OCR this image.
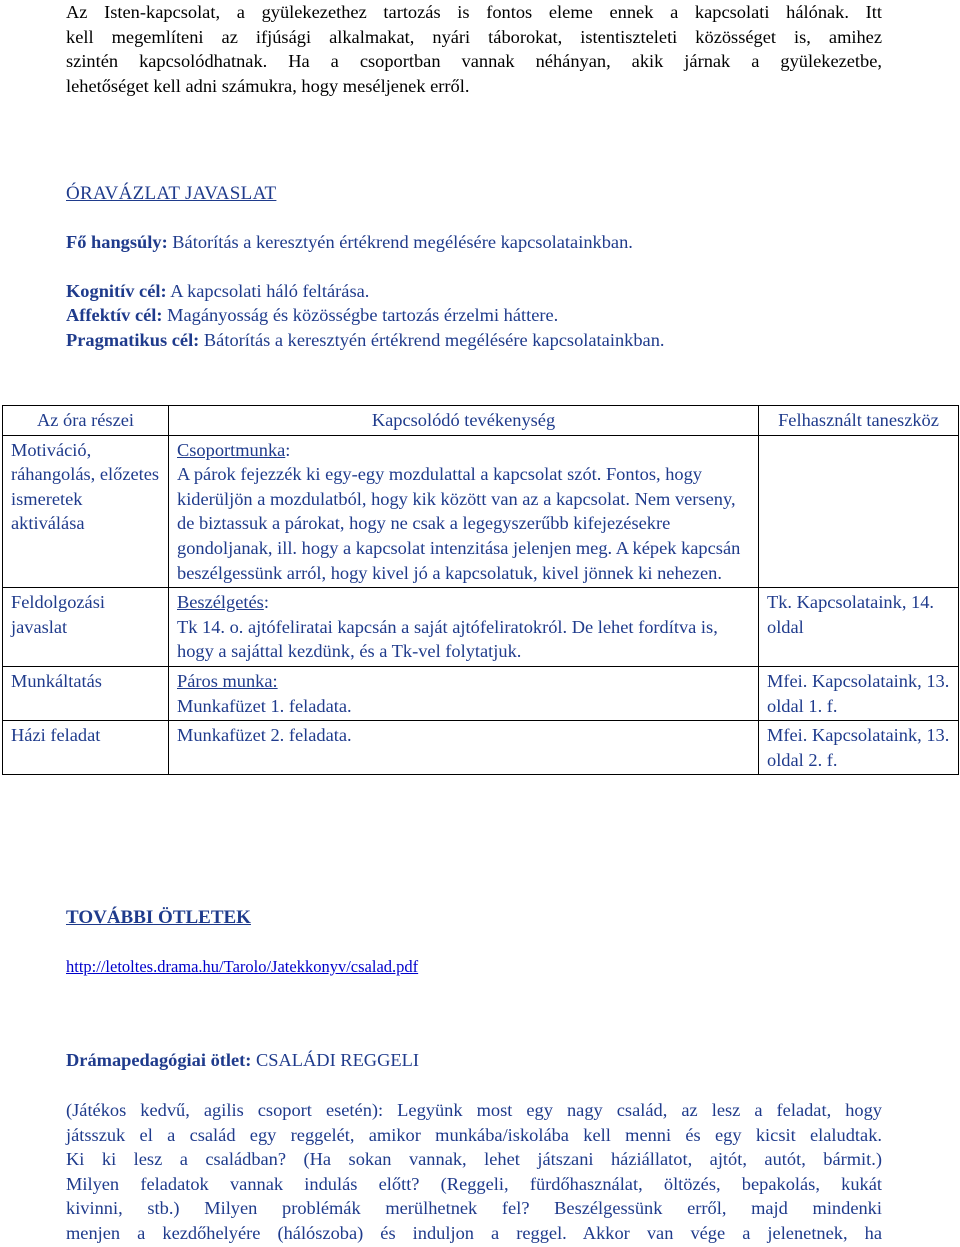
Az Isten-kapcsolat, a gyülekezethez tartozás is fontos eleme ennek a kapcsolati hálónak. Itt
kell megemlíteni az ifjúsági alkalmakat, nyári táborokat, istentiszteleti közösséget is, amihez
szintén kapcsolódhatnak. Ha a csoportban vannak néhányan, akik járnak a gyülekezetbe,
lehetőséget kell adni számukra, hogy meséljenek erről.

ÓRAVÁZLAT JAVASLAT
Fő hangsúly: Bátorítás a keresztyén értékrend megélésére kapcsolatainkban.
Kognitív cél: A kapcsolati háló feltárása.
Affektív cél: Magányosság és közösségbe tartozás érzelmi háttere.
Pragmatikus cél: Bátorítás a keresztyén értékrend megélésére kapcsolatainkban.
Az óra részei	Kapcsolódó tevékenység	Felhasznált taneszköz
Motiváció, ráhangolás, előzetes ismeretek aktiválása	Csoportmunka:
A párok fejezzék ki egy-egy mozdulattal a kapcsolat szót. Fontos, hogy kiderüljön a mozdulatból, hogy kik között van az a kapcsolat. Nem verseny, de biztassuk a párokat, hogy ne csak a legegyszerűbb kifejezésekre gondoljanak, ill. hogy a kapcsolat intenzitása jelenjen meg. A képek kapcsán beszélgessünk arról, hogy kivel jó a kapcsolatuk, kivel jönnek ki nehezen.	
Feldolgozási javaslat	Beszélgetés:
Tk 14. o. ajtófeliratai kapcsán a saját ajtófeliratokról. De lehet fordítva is, hogy a sajáttal kezdünk, és a Tk-vel folytatjuk.	Tk. Kapcsolataink, 14. oldal
Munkáltatás	Páros munka:
Munkafüzet 1. feladata.	Mfei. Kapcsolataink, 13. oldal 1. f.
Házi feladat	Munkafüzet 2. feladata.	Mfei. Kapcsolataink, 13. oldal 2. f.
TOVÁBBI ÖTLETEK
http://letoltes.drama.hu/Tarolo/Jatekkonyv/csalad.pdf
Drámapedagógiai ötlet: CSALÁDI REGGELI
(Játékos kedvű, agilis csoport esetén): Legyünk most egy nagy család, az lesz a feladat, hogy
játsszuk el a család egy reggelét, amikor munkába/iskolába kell menni és egy kicsit elaludtak.
Ki ki lesz a családban? (Ha sokan vannak, lehet játszani háziállatot, ajtót, autót, bármit.)
Milyen feladatok vannak indulás előtt? (Reggeli, fürdőhasználat, öltözés, bepakolás, kukát
kivinni, stb.) Milyen problémák merülhetnek fel? Beszélgessünk erről, majd mindenki
menjen a kezdőhelyére (hálószoba) és induljon a reggel. Akkor van vége a jelenetnek, ha
